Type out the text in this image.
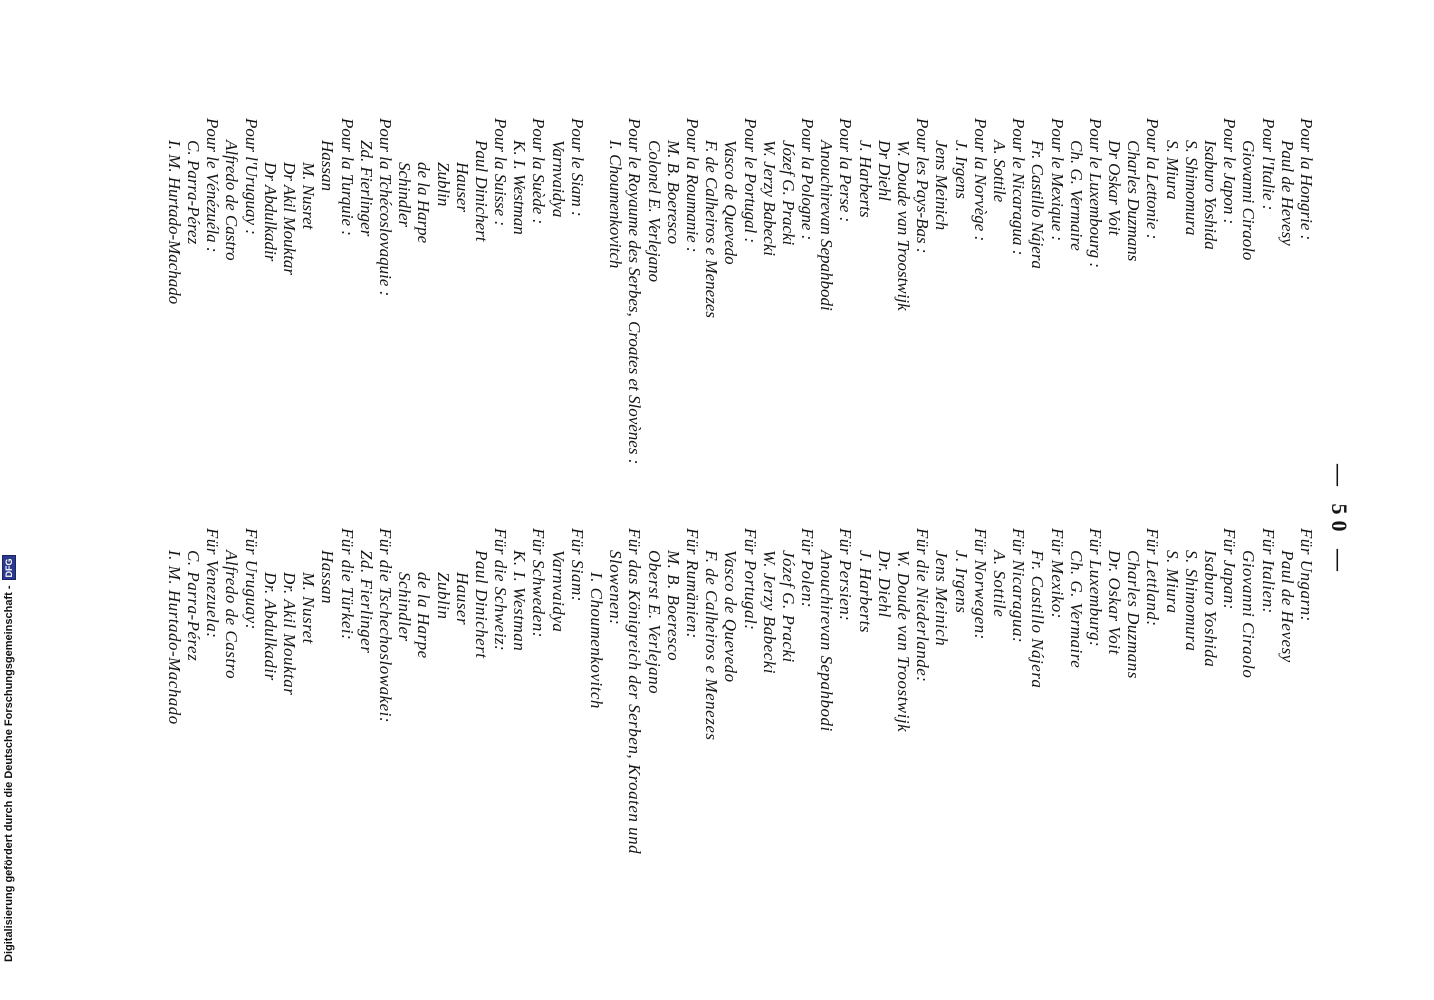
— 50 —
Pour la Hongrie :
Paul de Hevesy
Pour l'Italie :
Giovanni Ciraolo
Pour le Japon :
Isaburo Yoshida
S. Shimomura
S. Miura
Pour la Lettonie :
Charles Duzmans
Dr Oskar Voit
Pour le Luxembourg :
Ch. G. Vermaire
Pour le Mexique :
Fr. Castillo Nájera
Pour le Nicaragua :
A. Sottile
Pour la Norvège :
J. Irgens
Jens Meinich
Pour les Pays-Bas :
W. Doude van Troostwijk
Dr Diehl
J. Harberts
Pour la Perse :
Anouchirevan Sepahbodi
Pour la Pologne :
Józef G. Pracki
W. Jerzy Babecki
Pour le Portugal :
Vasco de Quevedo
F. de Calheiros e Menezes
Pour la Roumanie :
M. B. Boeresco
Colonel E. Verlejano
Pour le Royaume des Serbes, Croates et Slovènes :
I. Choumenkovitch
Pour le Siam :
Varnvaidya
Pour la Suède :
K. I. Westman
Pour la Suisse :
Paul Dinichert
Hauser
Zublin
de la Harpe
Schindler
Pour la Tchécoslovaquie :
Zd. Fierlinger
Pour la Turquie :
Hassan
M. Nusret
Dr Akil Mouktar
Dr Abdulkadir
Pour l'Uruguay :
Alfredo de Castro
Pour le Vénézuéla :
C. Parra-Pérez
I. M. Hurtado-Machado
Für Ungarn:
Paul de Hevesy
Für Italien:
Giovanni Ciraolo
Für Japan:
Isaburo Yoshida
S. Shimomura
S. Miura
Für Lettland:
Charles Duzmans
Dr. Oskar Voit
Für Luxemburg:
Ch. G. Vermaire
Für Mexiko:
Fr. Castillo Nájera
Für Nicaragua:
A. Sottile
Für Norwegen:
J. Irgens
Jens Meinich
Für die Niederlande:
W. Doude van Troostwijk
Dr. Diehl
J. Harberts
Für Persien:
Anouchirevan Sepahbodi
Für Polen:
Józef G. Pracki
W. Jerzy Babecki
Für Portugal:
Vasco de Quevedo
F. de Calheiros e Menezes
Für Rumänien:
M. B. Boeresco
Oberst E. Verlejano
Für das Königreich der Serben, Kroaten und
Slowenen:
I. Choumenkovitch
Für Siam:
Varnvaidya
Für Schweden:
K. I. Westman
Für die Schweiz:
Paul Dinichert
Hauser
Zublin
de la Harpe
Schindler
Für die Tschechoslowakei:
Zd. Fierlinger
Für die Türkei:
Hassan
M. Nusret
Dr. Akil Mouktar
Dr. Abdulkadir
Für Uruguay:
Alfredo de Castro
Für Venezuela:
C. Parra-Pérez
I. M. Hurtado-Machado
Digitalisierung gefördert durch die Deutsche Forschungsgemeinschaft -
DFG
